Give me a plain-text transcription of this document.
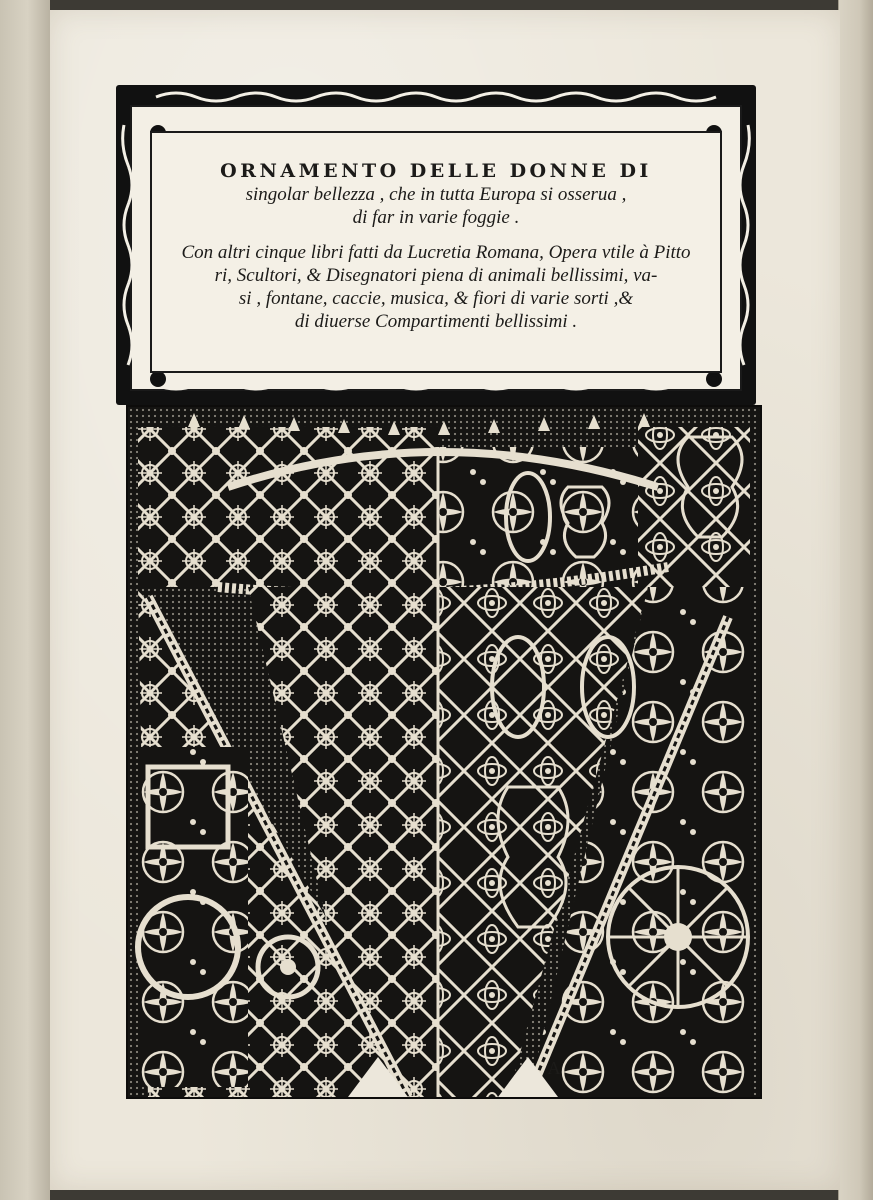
ORNAMENTO DELLE DONNE DI

singolar bellezza , che in tutta Europa si osserua ,

di far in varie foggie .

Con altri cinque libri fatti da Lucretia Romana, Opera vtile à Pitto

ri, Scultori, & Disegnatori piena di animali bellissimi, va-

si , fontane, caccie, musica, & fiori di varie sorti ,&

di diuerse Compartimenti bellissimi .

A
